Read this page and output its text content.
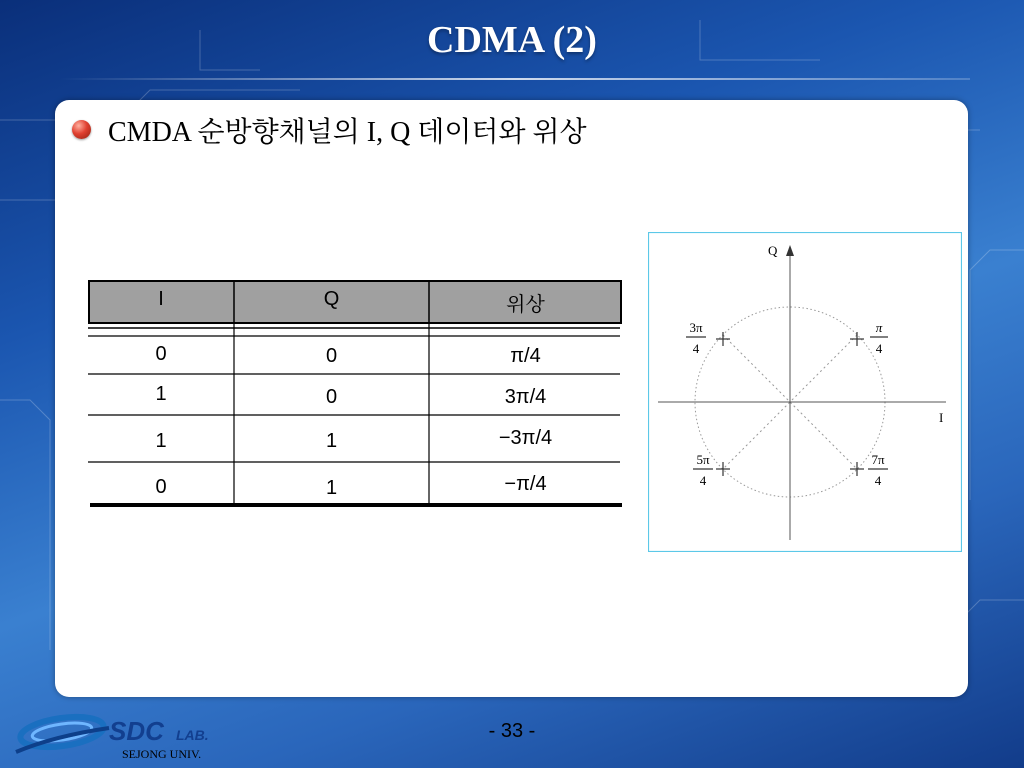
CDMA (2)
CMDA 순방향채널의 I, Q 데이터와 위상
I	Q	위상
0	0	π/4
1	0	3π/4
1	1	−3π/4
0	1	−π/4
Q
I
π
4
3π
4
5π
4
7π
4
SDC LAB.
SEJONG UNIV.
- 33 -
